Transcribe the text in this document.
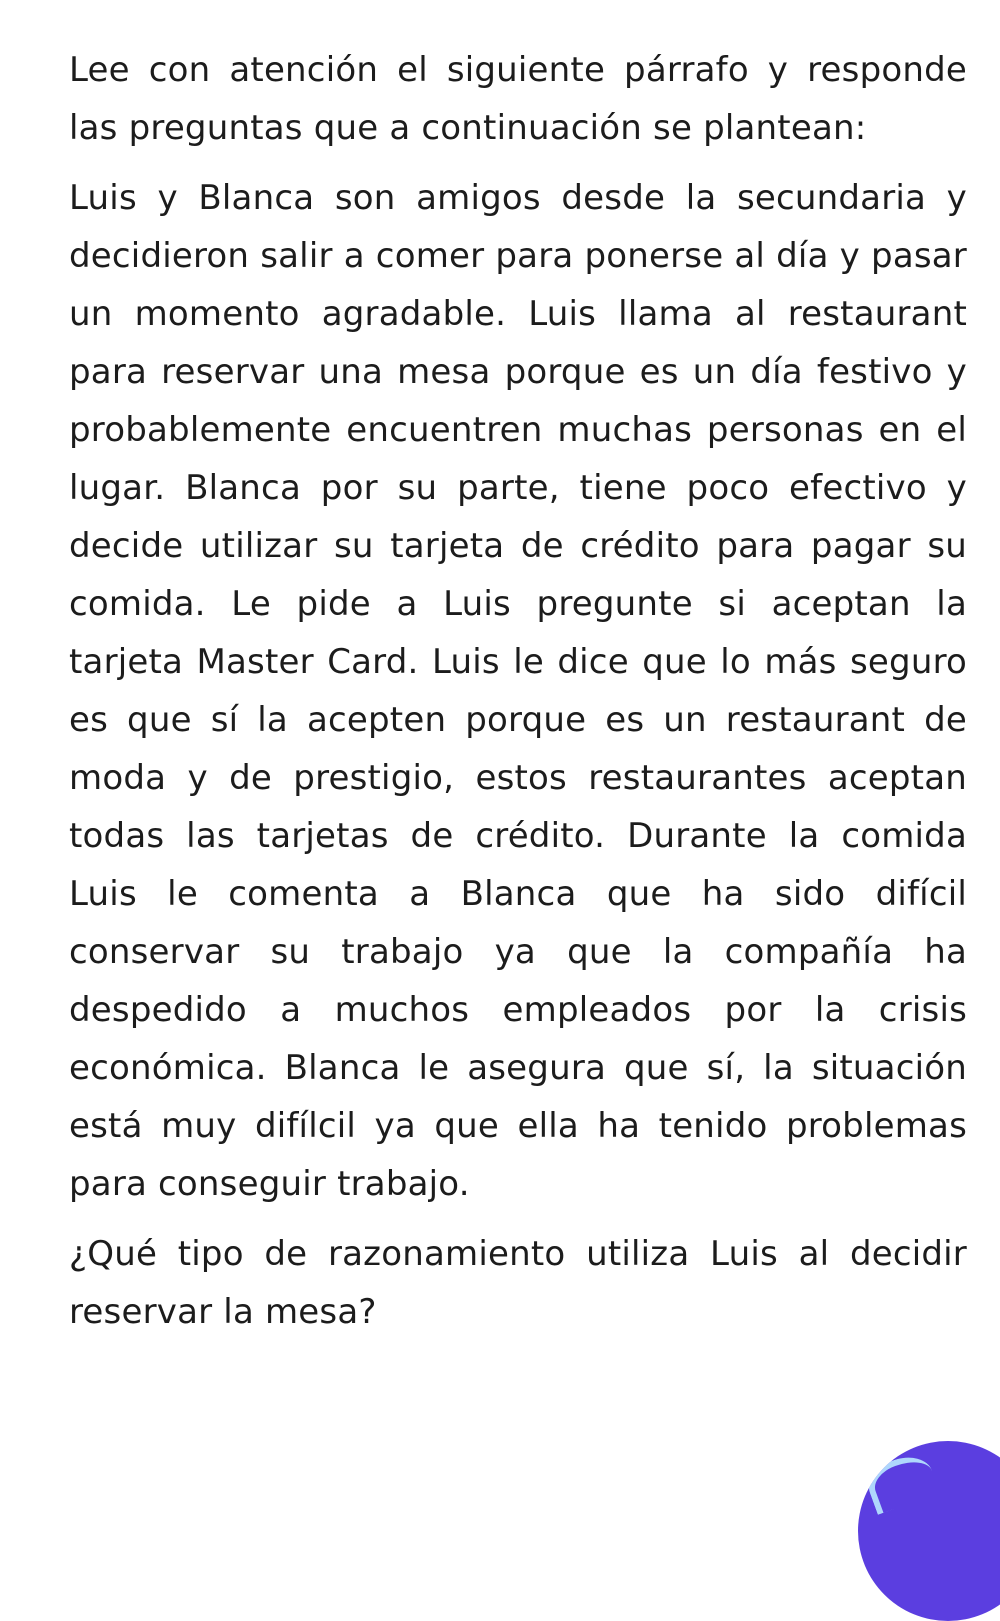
Lee con atención el siguiente párrafo y responde las preguntas que a continuación se plantean:

Luis y Blanca son amigos desde la secundaria y decidieron salir a comer para ponerse al día y pasar un momento agradable. Luis llama al restaurant para reservar una mesa porque es un día festivo y probablemente encuentren muchas personas en el lugar. Blanca por su parte, tiene poco efectivo y decide utilizar su tarjeta de crédito para pagar su comida. Le pide a Luis pregunte si aceptan la tarjeta Master Card. Luis le dice que lo más seguro es que sí la acepten porque es un restaurant de moda y de prestigio, estos restaurantes aceptan todas las tarjetas de crédito. Durante la comida Luis le comenta a Blanca que ha sido difícil conservar su trabajo ya que la compañía ha despedido a muchos empleados por la crisis económica. Blanca le asegura que sí, la situación está muy difílcil ya que ella ha tenido problemas para conseguir trabajo.

¿Qué tipo de razonamiento utiliza Luis al decidir reservar la mesa?
